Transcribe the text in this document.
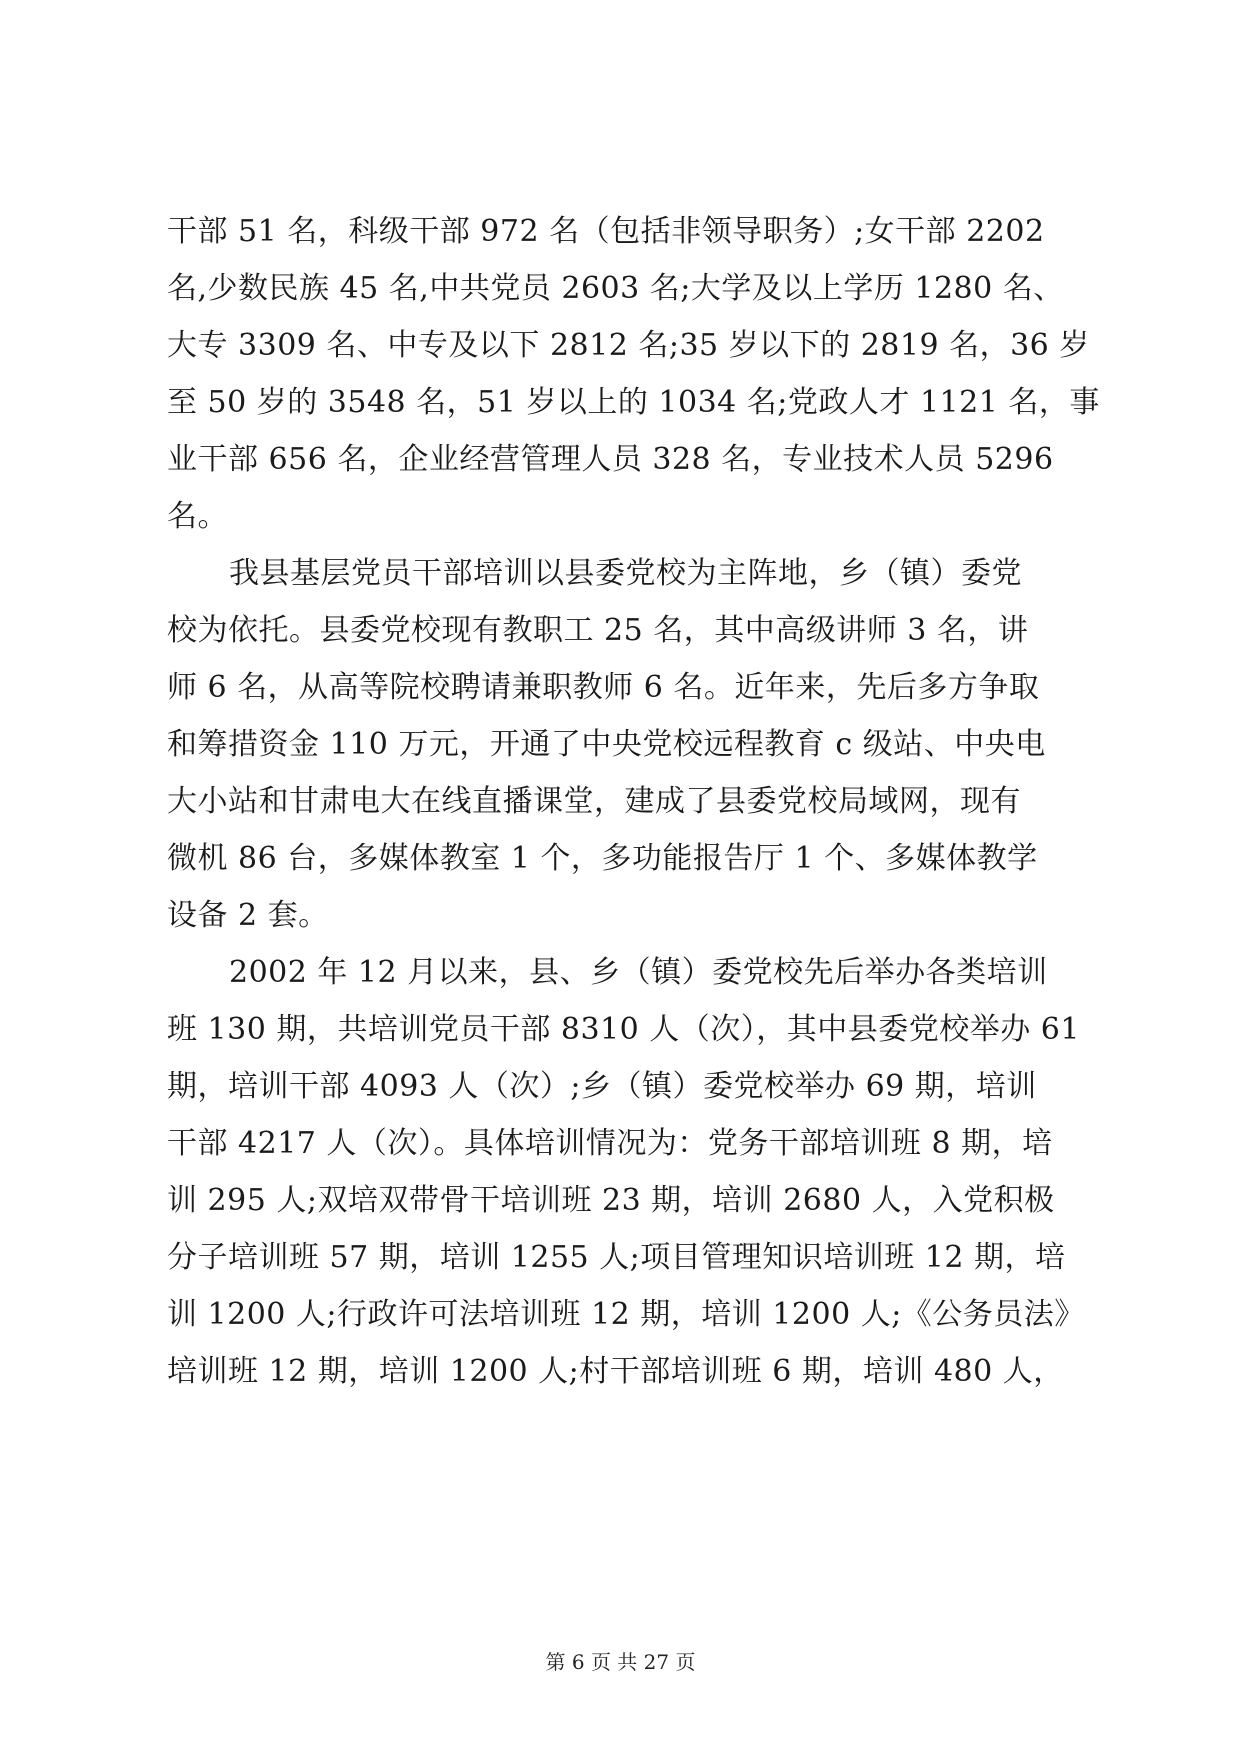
干部 51 名，科级干部 972 名（包括非领导职务）;女干部 2202

名,少数民族 45 名,中共党员 2603 名;大学及以上学历 1280 名、

大专 3309 名、中专及以下 2812 名;35 岁以下的 2819 名，36 岁

至 50 岁的 3548 名，51 岁以上的 1034 名;党政人才 1121 名，事

业干部 656 名，企业经营管理人员 328 名，专业技术人员 5296

名。

我县基层党员干部培训以县委党校为主阵地，乡（镇）委党

校为依托。县委党校现有教职工 25 名，其中高级讲师 3 名，讲

师 6 名，从高等院校聘请兼职教师 6 名。近年来，先后多方争取

和筹措资金 110 万元，开通了中央党校远程教育 c 级站、中央电

大小站和甘肃电大在线直播课堂，建成了县委党校局域网，现有

微机 86 台，多媒体教室 1 个，多功能报告厅 1 个、多媒体教学

设备 2 套。

2002 年 12 月以来，县、乡（镇）委党校先后举办各类培训

班 130 期，共培训党员干部 8310 人（次），其中县委党校举办 61

期，培训干部 4093 人（次）;乡（镇）委党校举办 69 期，培训

干部 4217 人（次）。具体培训情况为：党务干部培训班 8 期，培

训 295 人;双培双带骨干培训班 23 期，培训 2680 人，入党积极

分子培训班 57 期，培训 1255 人;项目管理知识培训班 12 期，培

训 1200 人;行政许可法培训班 12 期，培训 1200 人;《公务员法》

培训班 12 期，培训 1200 人;村干部培训班 6 期，培训 480 人，

第 6 页 共 27 页
